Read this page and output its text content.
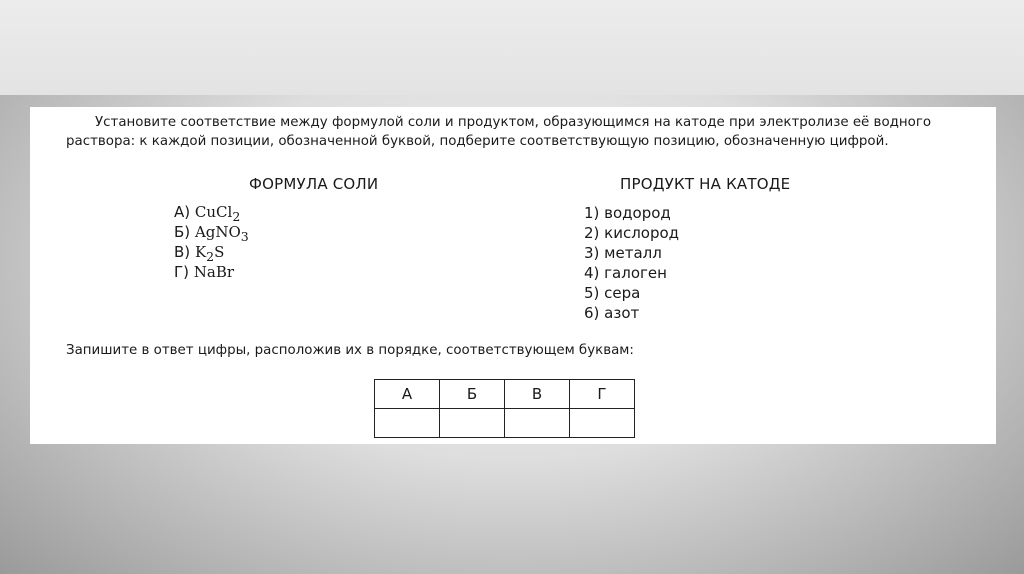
Установите соответствие между формулой соли и продуктом, образующимся на катоде при электролизе её водного раствора: к каждой позиции, обозначенной буквой, подберите соответствующую позицию, обозначенную цифрой.

ФОРМУЛА СОЛИ	ПРОДУКТ НА КАТОДЕ
А) CuCl$_2$
Б) AgNO$_3$
В) $K_2S$
Г) NaBr
1) водород
2) кислород
3) металл
4) галоген
5) сера
6) азот

Запишите в ответ цифры, расположив их в порядке, соответствующем буквам:

А	Б	В	Г
